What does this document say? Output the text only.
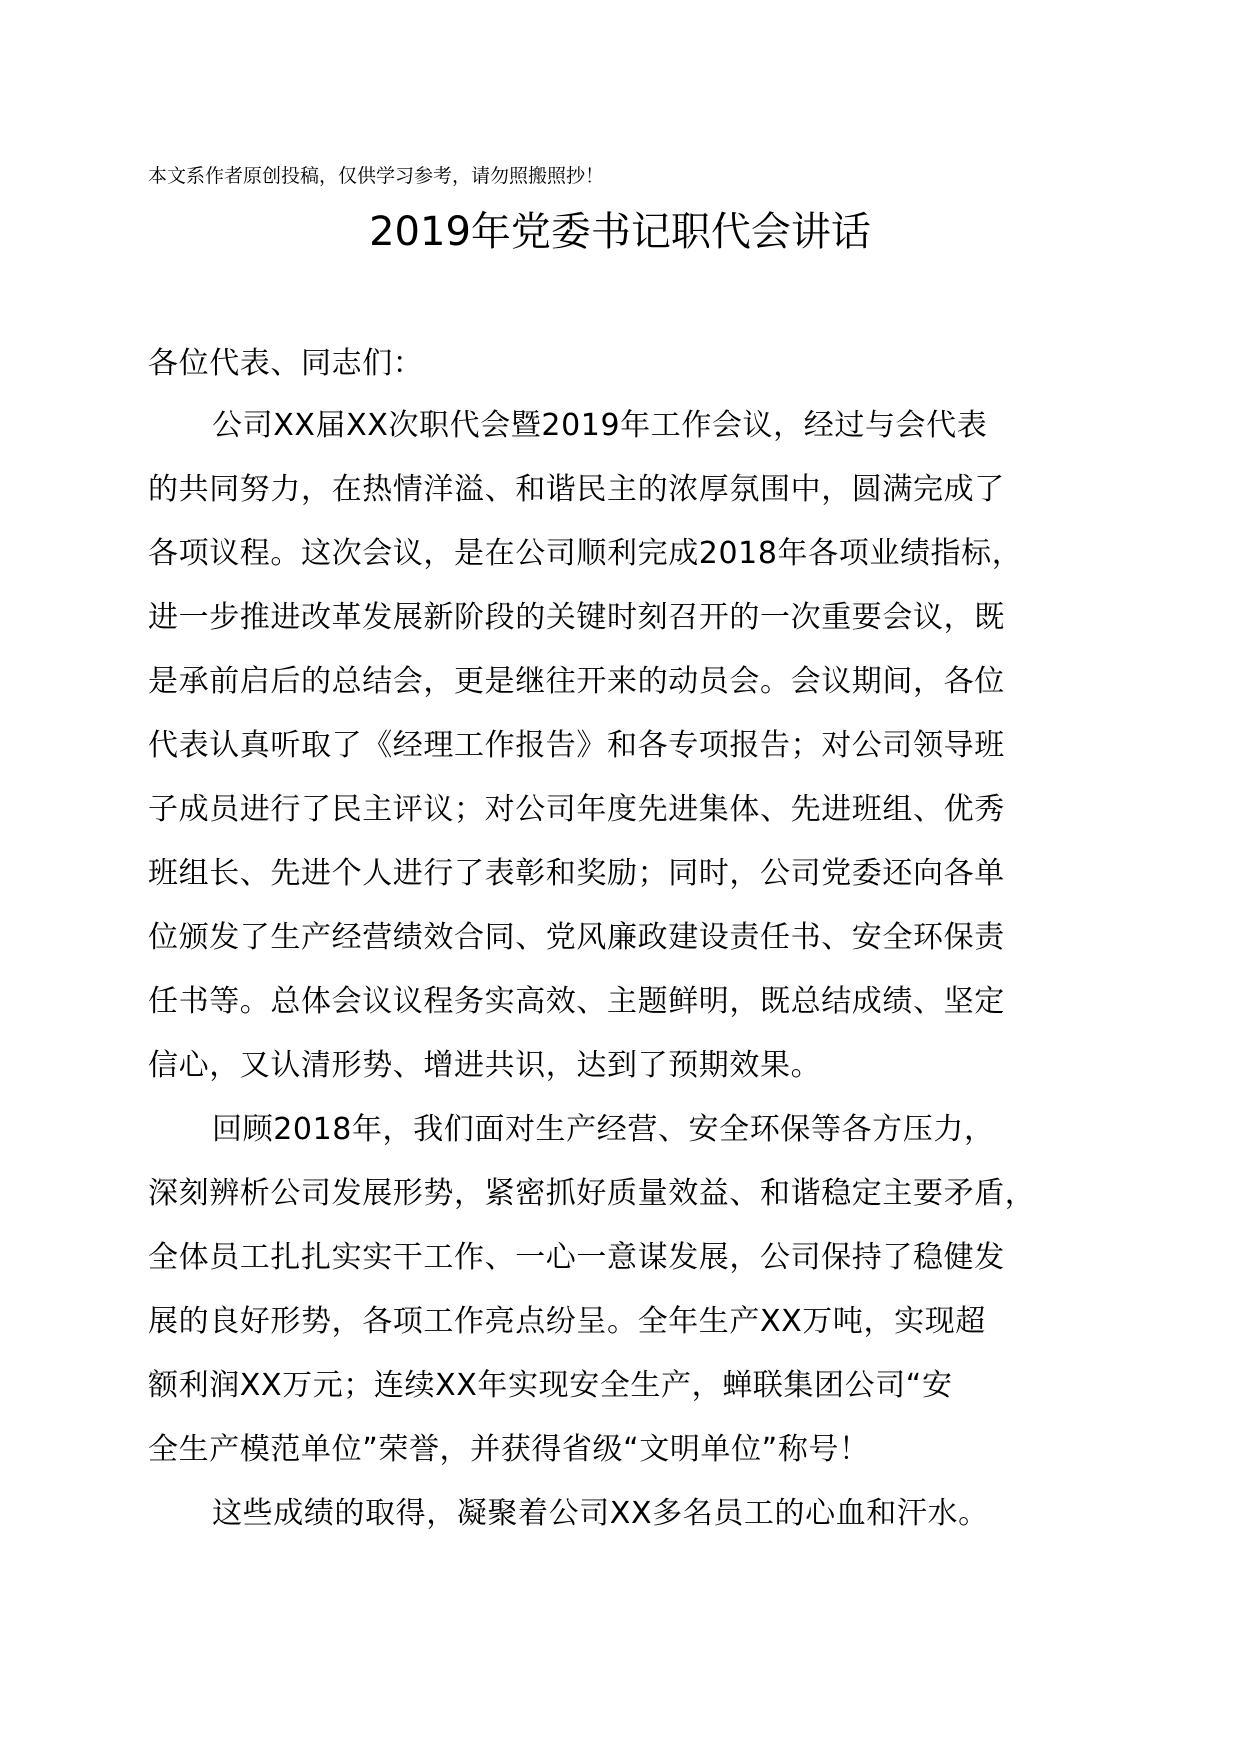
本文系作者原创投稿，仅供学习参考，请勿照搬照抄！
2019年党委书记职代会讲话
各位代表、同志们：
公司XX届XX次职代会暨2019年工作会议，经过与会代表
的共同努力，在热情洋溢、和谐民主的浓厚氛围中，圆满完成了
各项议程。这次会议，是在公司顺利完成2018年各项业绩指标，
进一步推进改革发展新阶段的关键时刻召开的一次重要会议，既
是承前启后的总结会，更是继往开来的动员会。会议期间，各位
代表认真听取了《经理工作报告》和各专项报告；对公司领导班
子成员进行了民主评议；对公司年度先进集体、先进班组、优秀
班组长、先进个人进行了表彰和奖励；同时，公司党委还向各单
位颁发了生产经营绩效合同、党风廉政建设责任书、安全环保责
任书等。总体会议议程务实高效、主题鲜明，既总结成绩、坚定
信心，又认清形势、增进共识，达到了预期效果。
回顾2018年，我们面对生产经营、安全环保等各方压力，
深刻辨析公司发展形势，紧密抓好质量效益、和谐稳定主要矛盾，
全体员工扎扎实实干工作、一心一意谋发展，公司保持了稳健发
展的良好形势，各项工作亮点纷呈。全年生产XX万吨，实现超
额利润XX万元；连续XX年实现安全生产，蝉联集团公司“安
全生产模范单位”荣誉，并获得省级“文明单位”称号！
这些成绩的取得，凝聚着公司XX多名员工的心血和汗水。
